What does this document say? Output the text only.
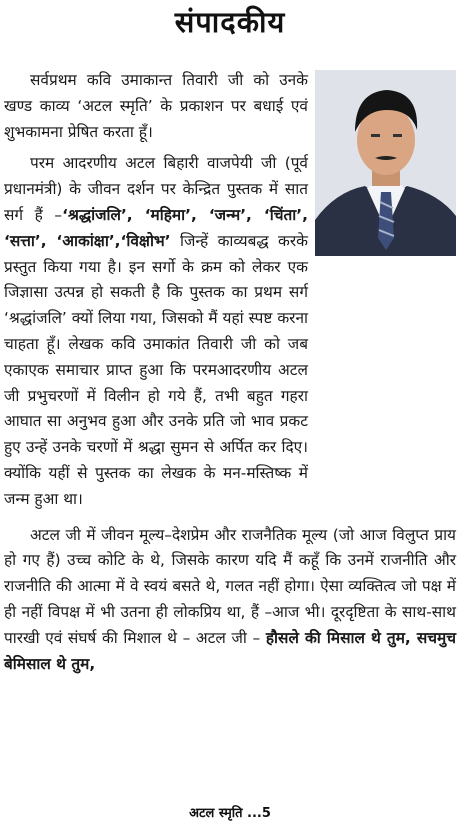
संपादकीय

सर्वप्रथम कवि उमाकान्त तिवारी जी को उनके खण्ड काव्य ‘अटल स्मृति’ के प्रकाशन पर बधाई एवं शुभकामना प्रेषित करता हूँ।

परम आदरणीय अटल बिहारी वाजपेयी जी (पूर्व प्रधानमंत्री) के जीवन दर्शन पर केन्द्रित पुस्तक में सात सर्ग हैं –‘श्रद्धांजलि’, ‘महिमा’, ‘जन्म’, ‘चिंता’, ‘सत्ता’, ‘आकांक्षा’,‘विक्षोभ’ जिन्हें काव्यबद्ध करके प्रस्तुत किया गया है। इन सर्गो के क्रम को लेकर एक जिज्ञासा उत्पन्न हो सकती है कि पुस्तक का प्रथम सर्ग ‘श्रद्धांजलि’ क्यों लिया गया, जिसको मैं यहां स्पष्ट करना चाहता हूँ। लेखक कवि उमाकांत तिवारी जी को जब एकाएक समाचार प्राप्त हुआ कि परमआदरणीय अटल जी प्रभुचरणों में विलीन हो गये हैं, तभी बहुत गहरा आघात सा अनुभव हुआ और उनके प्रति जो भाव प्रकट हुए उन्हें उनके चरणों में श्रद्धा सुमन से अर्पित कर दिए। क्योंकि यहीं से पुस्तक का लेखक के मन-मस्तिष्क में जन्म हुआ था।

अटल जी में जीवन मूल्य–देशप्रेम और राजनैतिक मूल्य (जो आज विलुप्त प्राय हो गए हैं) उच्च कोटि के थे, जिसके कारण यदि मैं कहूँ कि उनमें राजनीति और राजनीति की आत्मा में वे स्वयं बसते थे, गलत नहीं होगा। ऐसा व्यक्तित्व जो पक्ष में ही नहीं विपक्ष में भी उतना ही लोकप्रिय था, हैं –आज भी। दूरदृष्टिता के साथ-साथ पारखी एवं संघर्ष की मिशाल थे – अटल जी – हौसले की मिसाल थे तुम, सचमुच बेमिसाल थे तुम,

अटल स्मृति ...5
